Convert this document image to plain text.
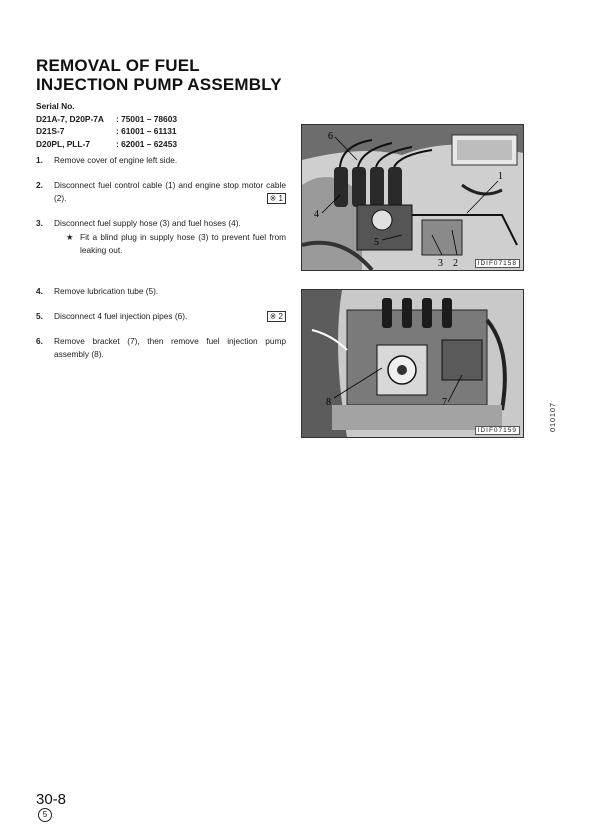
REMOVAL OF FUEL
INJECTION PUMP ASSEMBLY
Serial No.
D21A-7, D20P-7A	: 75001 – 78603
D21S-7	: 61001 – 61131
D20PL, PLL-7	: 62001 – 62453
1.	Remove cover of engine left side.
2.	Disconnect fuel control cable (1) and engine stop motor cable (2).	※ 1
3.	Disconnect fuel supply hose (3) and fuel hoses (4).
★ Fit a blind plug in supply hose (3) to prevent fuel from leaking out.
4.	Remove lubrication tube (5).
5.	Disconnect 4 fuel injection pipes (6).	※ 2
6.	Remove bracket (7), then remove fuel injection pump assembly (8).
6
1
4
5
3 2	IDIF07158
8	7
IDIF07159	010107
30-8
5
